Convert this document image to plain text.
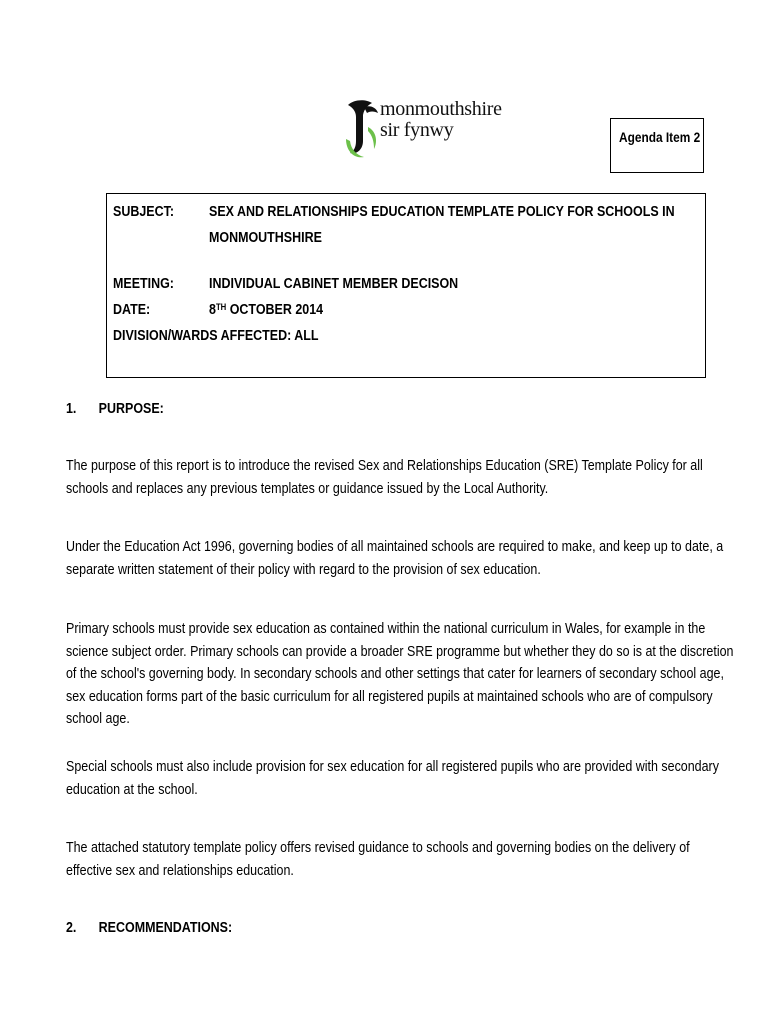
monmouthshire
sir fynwy	Agenda Item 2
SUBJECT: SEX AND RELATIONSHIPS EDUCATION TEMPLATE POLICY FOR SCHOOLS IN
MONMOUTHSHIRE
MEETING: INDIVIDUAL CABINET MEMBER DECISON
DATE:	8TH OCTOBER 2014
DIVISION/WARDS AFFECTED: ALL
1. PURPOSE:
The purpose of this report is to introduce the revised Sex and Relationships Education (SRE) Template Policy for all schools and replaces any previous templates or guidance issued by the Local Authority.
Under the Education Act 1996, governing bodies of all maintained schools are required to make, and keep up to date, a separate written statement of their policy with regard to the provision of sex education.
Primary schools must provide sex education as contained within the national curriculum in Wales, for example in the science subject order. Primary schools can provide a broader SRE programme but whether they do so is at the discretion of the school's governing body. In secondary schools and other settings that cater for learners of secondary school age, sex education forms part of the basic curriculum for all registered pupils at maintained schools who are of compulsory school age.
Special schools must also include provision for sex education for all registered pupils who are provided with secondary education at the school.
The attached statutory template policy offers revised guidance to schools and governing bodies on the delivery of effective sex and relationships education.
2. RECOMMENDATIONS:
